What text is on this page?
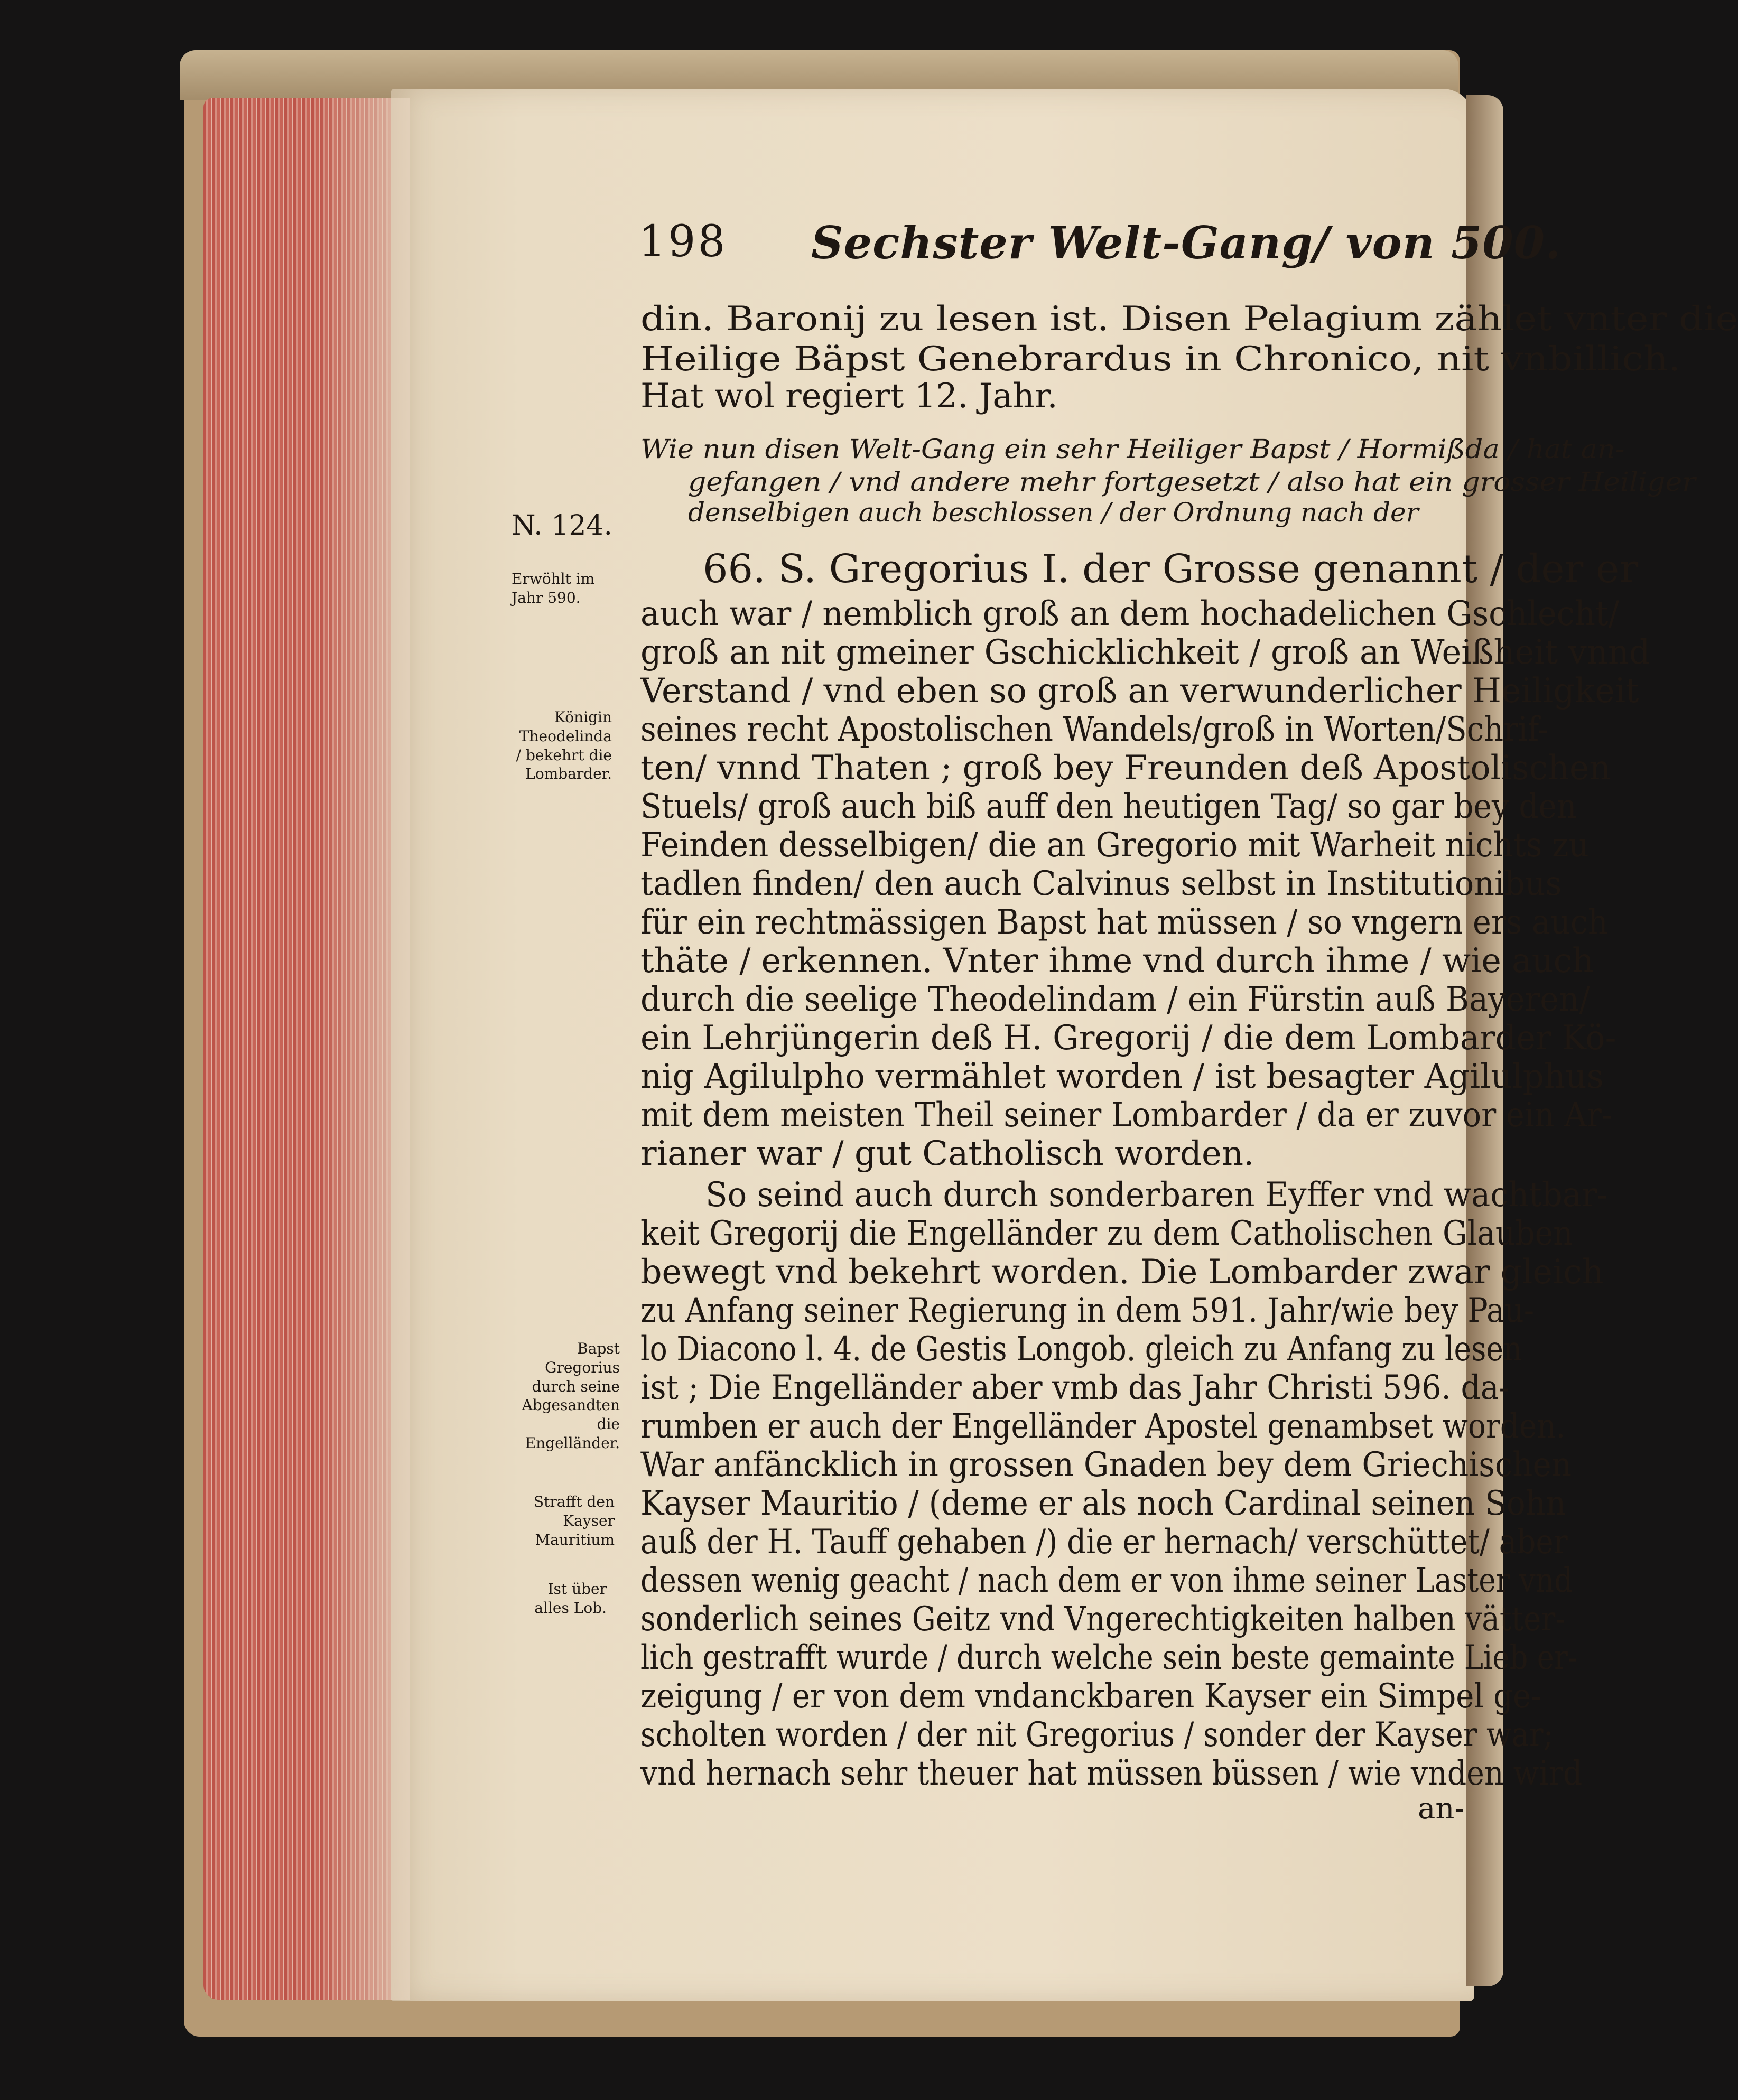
198 Sechster Welt-Gang/ von 500.
din. Baronij zu lesen ist. Disen Pelagium zählet vnter die
Heilige Bäpst Genebrardus in Chronico, nit vnbillich.
Hat wol regiert 12. Jahr.
Wie nun disen Welt-Gang ein sehr Heiliger Bapst / Hormißda / hat an-
gefangen / vnd andere mehr fortgesetzt / also hat ein grosser Heiliger
denselbigen auch beschlossen / der Ordnung nach der
N. 124.
Erwöhlt im Jahr 590.
Königin Theodelinda / bekehrt die Lombarder.
Bapst Gregorius durch seine Abgesandten die Engelländer.
Strafft den Kayser Mauritium
Ist über alles Lob.
66. S. Gregorius I. der Grosse genannt / der er
auch war / nemblich groß an dem hochadelichen Gschlecht/
groß an nit gmeiner Gschicklichkeit / groß an Weißheit vnnd
Verstand / vnd eben so groß an verwunderlicher Heiligkeit
seines recht Apostolischen Wandels/groß in Worten/Schrif-
ten/ vnnd Thaten ; groß bey Freunden deß Apostolischen
Stuels/ groß auch biß auff den heutigen Tag/ so gar bey den
Feinden desselbigen/ die an Gregorio mit Warheit nichts zu
tadlen finden/ den auch Calvinus selbst in Institutionibus
für ein rechtmässigen Bapst hat müssen / so vngern ers auch
thäte / erkennen. Vnter ihme vnd durch ihme / wie auch
durch die seelige Theodelindam / ein Fürstin auß Bayeren/
ein Lehrjüngerin deß H. Gregorij / die dem Lombarder Kö-
nig Agilulpho vermählet worden / ist besagter Agilulphus
mit dem meisten Theil seiner Lombarder / da er zuvor ein Ar-
rianer war / gut Catholisch worden.
So seind auch durch sonderbaren Eyffer vnd wachtbar-
keit Gregorij die Engelländer zu dem Catholischen Glauben
bewegt vnd bekehrt worden. Die Lombarder zwar gleich
zu Anfang seiner Regierung in dem 591. Jahr/wie bey Pau-
lo Diacono l. 4. de Gestis Longob. gleich zu Anfang zu lesen
ist ; Die Engelländer aber vmb das Jahr Christi 596. da-
rumben er auch der Engelländer Apostel genambset worden.
War anfäncklich in grossen Gnaden bey dem Griechischen
Kayser Mauritio / (deme er als noch Cardinal seinen Sohn
auß der H. Tauff gehaben /) die er hernach/ verschüttet/ aber
dessen wenig geacht / nach dem er von ihme seiner Laster vnd
sonderlich seines Geitz vnd Vngerechtigkeiten halben vätter-
lich gestrafft wurde / durch welche sein beste gemainte Lieb er-
zeigung / er von dem vndanckbaren Kayser ein Simpel ge-
scholten worden / der nit Gregorius / sonder der Kayser war;
vnd hernach sehr theuer hat müssen büssen / wie vnden wird
an-
